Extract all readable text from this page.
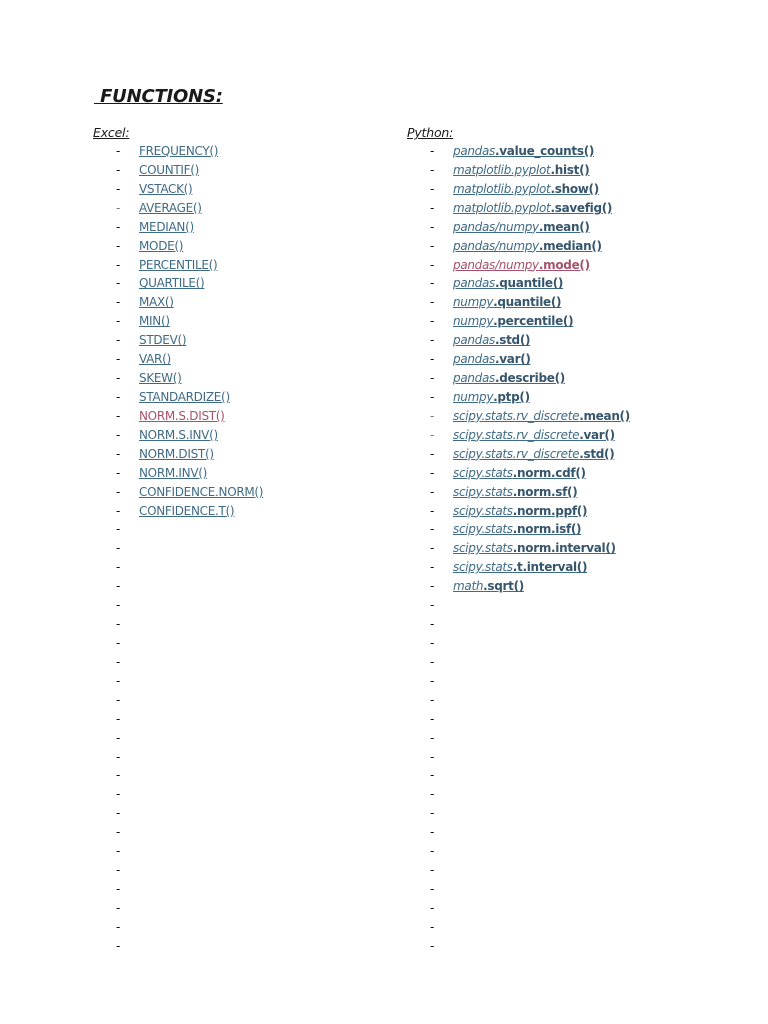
FUNCTIONS:
Excel:
- FREQUENCY()
- COUNTIF()
- VSTACK()
- AVERAGE()
- MEDIAN()
- MODE()
- PERCENTILE()
- QUARTILE()
- MAX()
- MIN()
- STDEV()
- VAR()
- SKEW()
- STANDARDIZE()
- NORM.S.DIST()
- NORM.S.INV()
- NORM.DIST()
- NORM.INV()
- CONFIDENCE.NORM()
- CONFIDENCE.T()
-
-
-
-
-
-
-
-
-
-
-
-
-
-
-
-
-
-
-
-
-
-
-
Python:
- pandas.value_counts()
- matplotlib.pyplot.hist()
- matplotlib.pyplot.show()
- matplotlib.pyplot.savefig()
- pandas/numpy.mean()
- pandas/numpy.median()
- pandas/numpy.mode()
- pandas.quantile()
- numpy.quantile()
- numpy.percentile()
- pandas.std()
- pandas.var()
- pandas.describe()
- numpy.ptp()
- scipy.stats.rv_discrete.mean()
- scipy.stats.rv_discrete.var()
- scipy.stats.rv_discrete.std()
- scipy.stats.norm.cdf()
- scipy.stats.norm.sf()
- scipy.stats.norm.ppf()
- scipy.stats.norm.isf()
- scipy.stats.norm.interval()
- scipy.stats.t.interval()
- math.sqrt()
-
-
-
-
-
-
-
-
-
-
-
-
-
-
-
-
-
-
-
